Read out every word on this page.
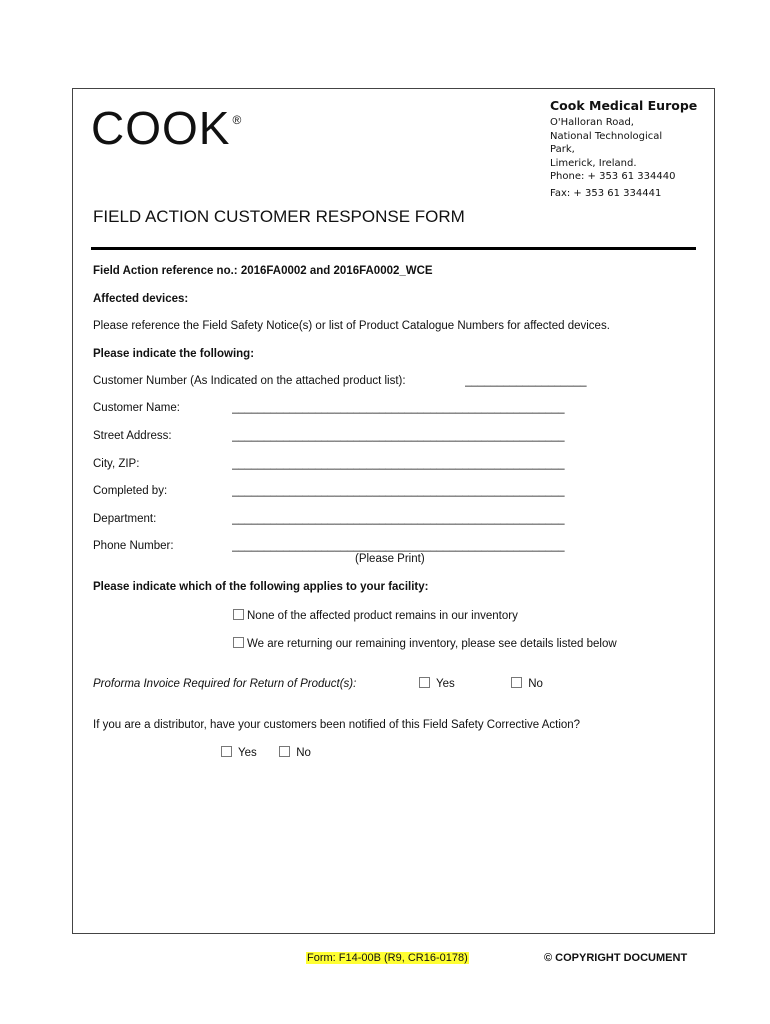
COOK ®
Cook Medical Europe
O'Halloran Road,
National Technological
Park,
Limerick, Ireland.
Phone: + 353 61 334440
Fax: + 353 61 334441
FIELD ACTION CUSTOMER RESPONSE FORM
Field Action reference no.: 2016FA0002 and 2016FA0002_WCE
Affected devices:
Please reference the Field Safety Notice(s) or list of Product Catalogue Numbers for affected devices.
Please indicate the following:
Customer Number (As Indicated on the attached product list):	___________________
Customer Name:	____________________________________________________
Street Address:	____________________________________________________
City, ZIP:	____________________________________________________
Completed by:	____________________________________________________
Department:	____________________________________________________
Phone Number:	____________________________________________________
(Please Print)
Please indicate which of the following applies to your facility:
None of the affected product remains in our inventory
We are returning our remaining inventory, please see details listed below
Proforma Invoice Required for Return of Product(s):	Yes	No
If you are a distributor, have your customers been notified of this Field Safety Corrective Action?
Yes	No
Form: F14-00B (R9, CR16-0178)	© COPYRIGHT DOCUMENT
